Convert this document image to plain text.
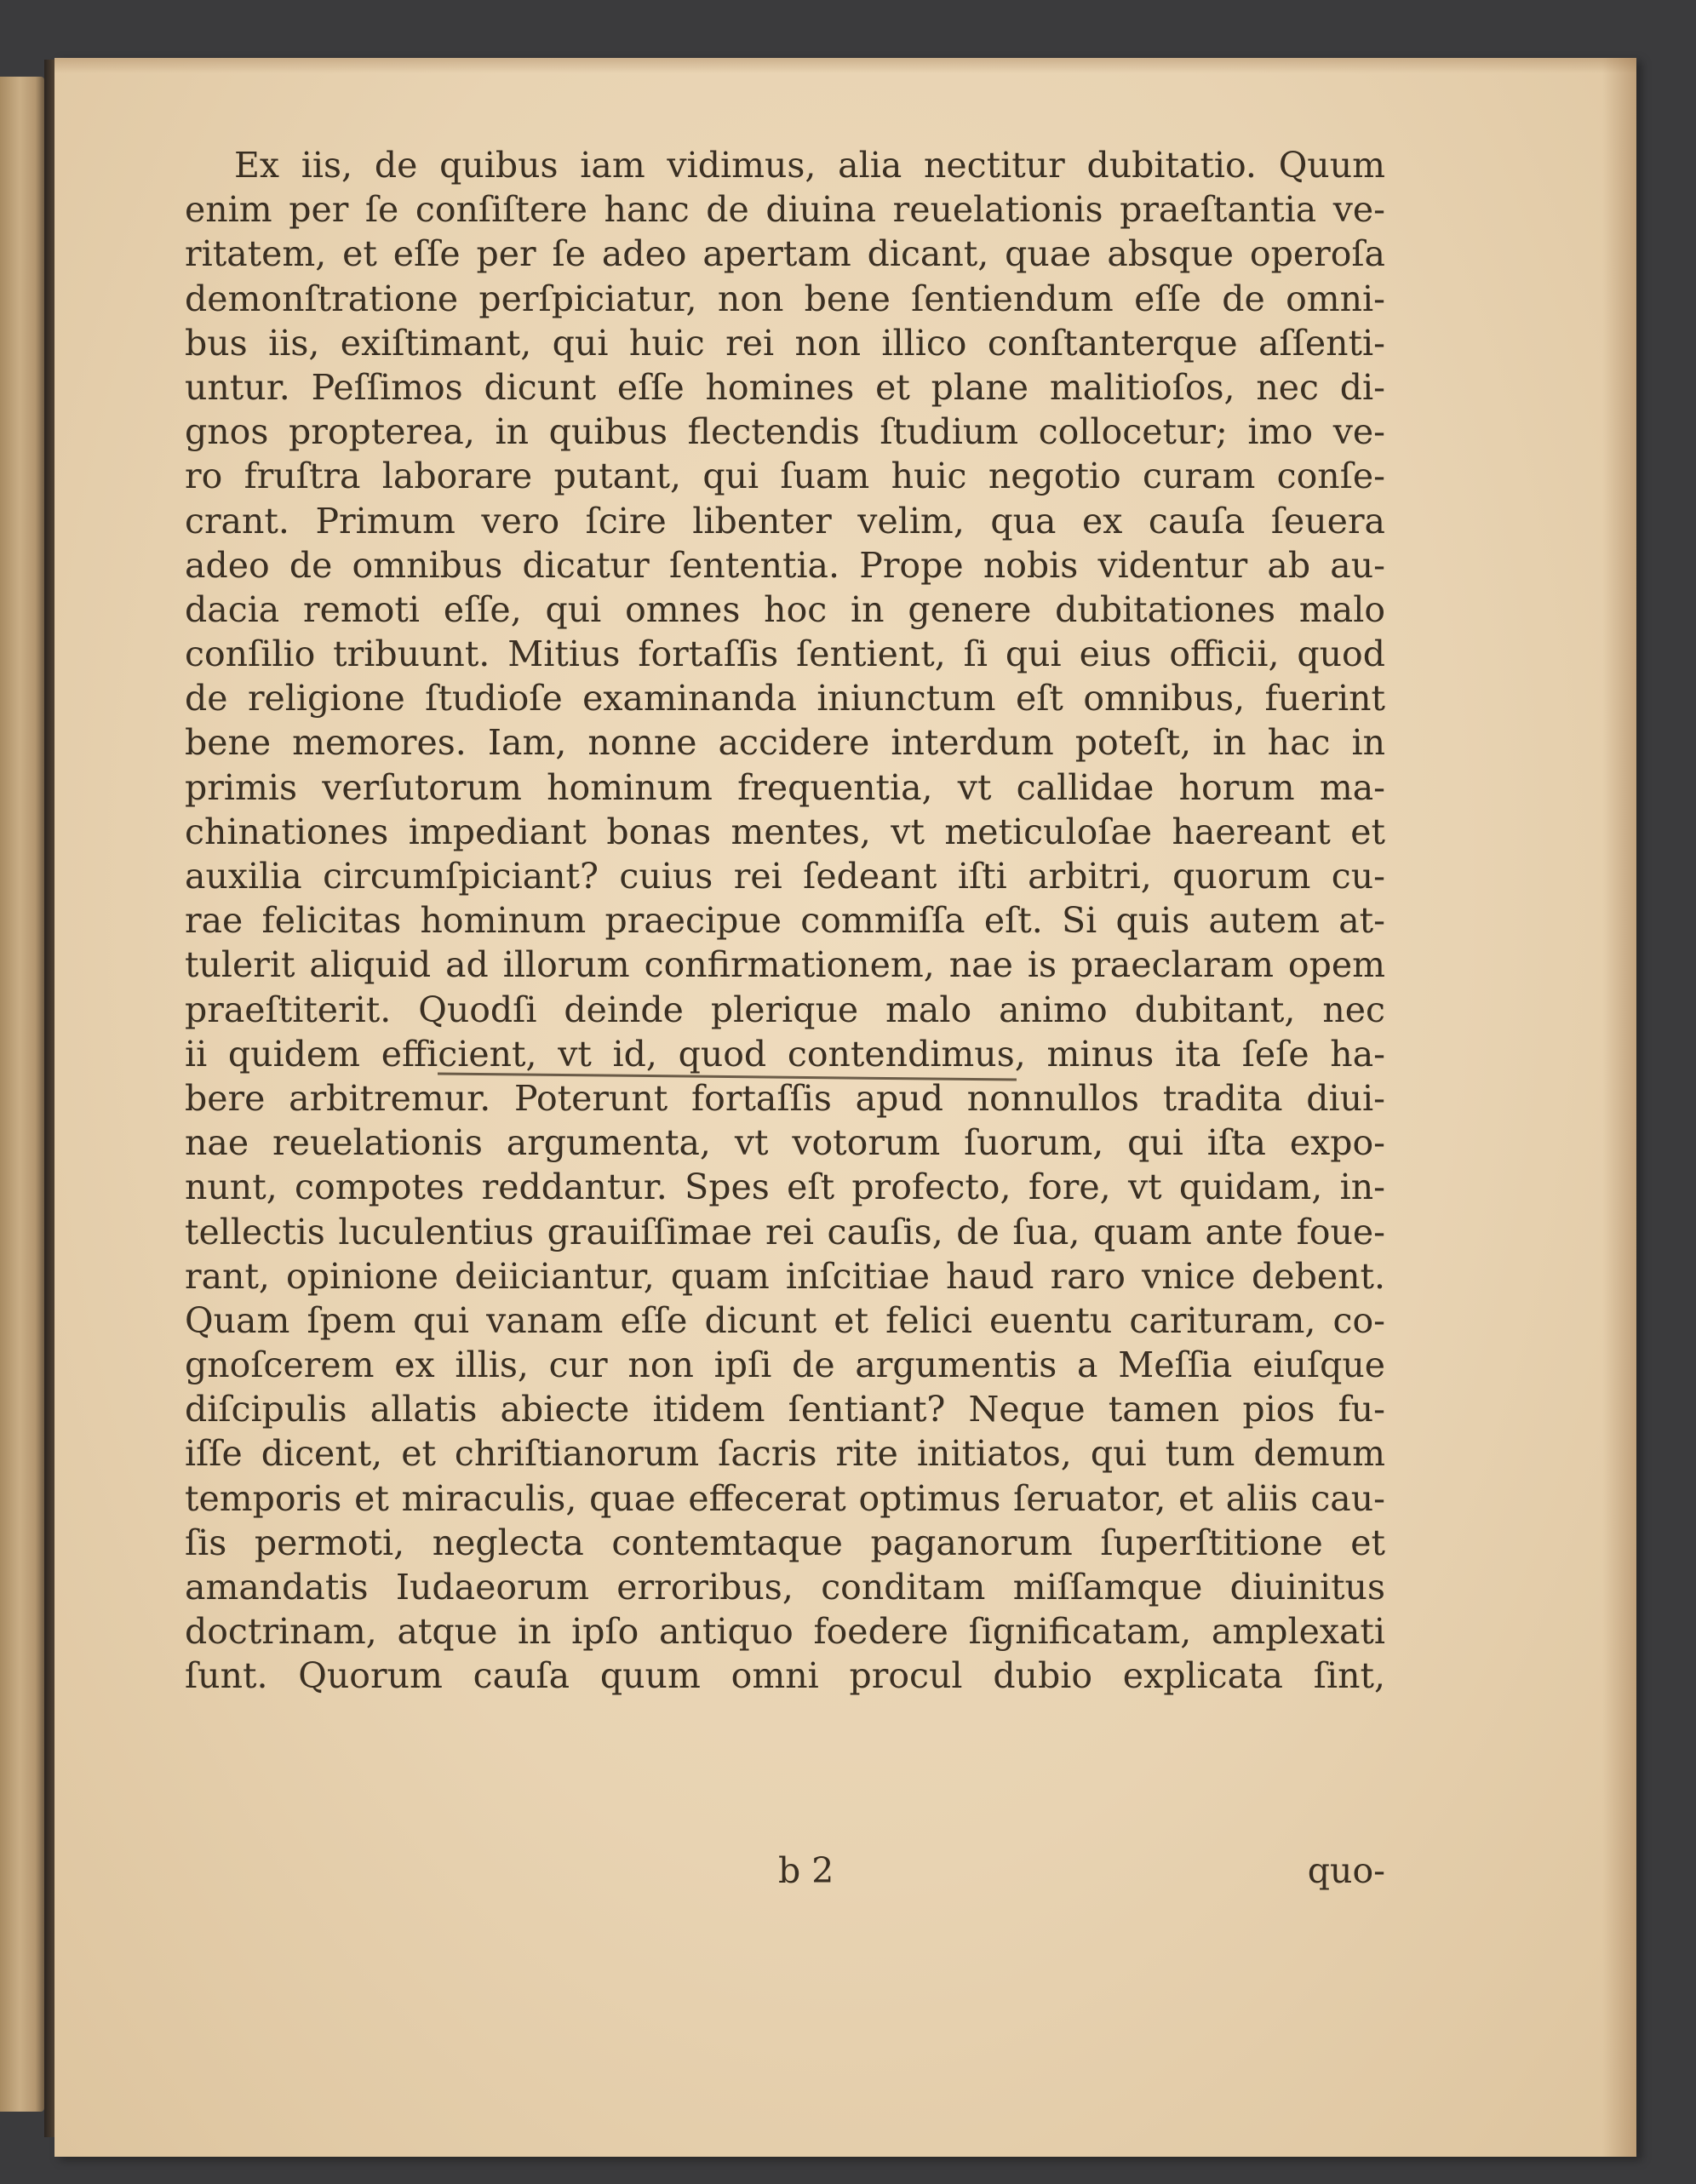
Ex iis, de quibus iam vidimus, alia nectitur dubitatio. Quum
enim per ſe conſiſtere hanc de diuina reuelationis praeſtantia ve-
ritatem, et eſſe per ſe adeo apertam dicant, quae absque operoſa
demonſtratione perſpiciatur, non bene ſentiendum eſſe de omni-
bus iis, exiſtimant, qui huic rei non illico conſtanterque aſſenti-
untur. Peſſimos dicunt eſſe homines et plane malitioſos, nec di-
gnos propterea, in quibus flectendis ſtudium collocetur; imo ve-
ro fruſtra laborare putant, qui ſuam huic negotio curam conſe-
crant. Primum vero ſcire libenter velim, qua ex cauſa ſeuera
adeo de omnibus dicatur ſententia. Prope nobis videntur ab au-
dacia remoti eſſe, qui omnes hoc in genere dubitationes malo
conſilio tribuunt. Mitius fortaſſis ſentient, ſi qui eius officii, quod
de religione ſtudioſe examinanda iniunctum eſt omnibus, fuerint
bene memores. Iam, nonne accidere interdum poteſt, in hac in
primis verſutorum hominum frequentia, vt callidae horum ma-
chinationes impediant bonas mentes, vt meticuloſae haereant et
auxilia circumſpiciant? cuius rei ſedeant iſti arbitri, quorum cu-
rae felicitas hominum praecipue commiſſa eſt. Si quis autem at-
tulerit aliquid ad illorum confirmationem, nae is praeclaram opem
praeſtiterit. Quodſi deinde plerique malo animo dubitant, nec
ii quidem efficient, vt id, quod contendimus, minus ita ſeſe ha-
bere arbitremur. Poterunt fortaſſis apud nonnullos tradita diui-
nae reuelationis argumenta, vt votorum ſuorum, qui iſta expo-
nunt, compotes reddantur. Spes eſt profecto, fore, vt quidam, in-
tellectis luculentius grauiſſimae rei cauſis, de ſua, quam ante foue-
rant, opinione deiiciantur, quam inſcitiae haud raro vnice debent.
Quam ſpem qui vanam eſſe dicunt et felici euentu carituram, co-
gnoſcerem ex illis, cur non ipſi de argumentis a Meſſia eiuſque
diſcipulis allatis abiecte itidem ſentiant? Neque tamen pios fu-
iſſe dicent, et chriſtianorum ſacris rite initiatos, qui tum demum
temporis et miraculis, quae effecerat optimus ſeruator, et aliis cau-
ſis permoti, neglecta contemtaque paganorum ſuperſtitione et
amandatis Iudaeorum erroribus, conditam miſſamque diuinitus
doctrinam, atque in ipſo antiquo foedere ſignificatam, amplexati
ſunt. Quorum cauſa quum omni procul dubio explicata ſint,
b 2	quo-
